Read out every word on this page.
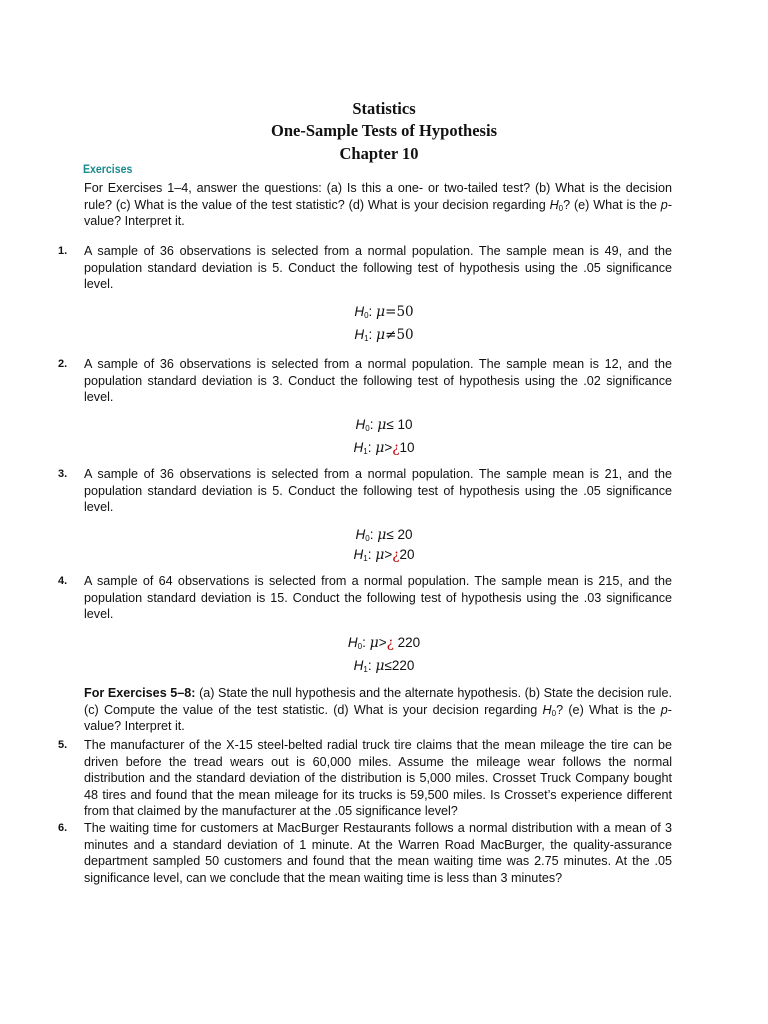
Statistics
One-Sample Tests of Hypothesis
Chapter 10
Exercises
For Exercises 1–4, answer the questions: (a) Is this a one- or two-tailed test? (b) What is the decision rule? (c) What is the value of the test statistic? (d) What is your decision regarding $H_0$? (e) What is the p-value? Interpret it.
1. A sample of 36 observations is selected from a normal population. The sample mean is 49, and the population standard deviation is 5. Conduct the following test of hypothesis using the .05 significance level.
$H_0$: μ=50
$H_1$: μ≠50
2. A sample of 36 observations is selected from a normal population. The sample mean is 12, and the population standard deviation is 3. Conduct the following test of hypothesis using the .02 significance level.
$H_0$: μ≤ 10
$H_1$: μ>¿10
3. A sample of 36 observations is selected from a normal population. The sample mean is 21, and the population standard deviation is 5. Conduct the following test of hypothesis using the .05 significance level.
$H_0$: μ≤ 20
$H_1$: μ>¿20
4. A sample of 64 observations is selected from a normal population. The sample mean is 215, and the population standard deviation is 15. Conduct the following test of hypothesis using the .03 significance level.
$H_0$: μ>¿ 220
$H_1$: μ≤220
For Exercises 5–8: (a) State the null hypothesis and the alternate hypothesis. (b) State the decision rule. (c) Compute the value of the test statistic. (d) What is your decision regarding $H_0$? (e) What is the p-value? Interpret it.
5. The manufacturer of the X-15 steel-belted radial truck tire claims that the mean mileage the tire can be driven before the tread wears out is 60,000 miles. Assume the mileage wear follows the normal distribution and the standard deviation of the distribution is 5,000 miles. Crosset Truck Company bought 48 tires and found that the mean mileage for its trucks is 59,500 miles. Is Crosset’s experience different from that claimed by the manufacturer at the .05 significance level?
6. The waiting time for customers at MacBurger Restaurants follows a normal distribution with a mean of 3 minutes and a standard deviation of 1 minute. At the Warren Road MacBurger, the quality-assurance department sampled 50 customers and found that the mean waiting time was 2.75 minutes. At the .05 significance level, can we conclude that the mean waiting time is less than 3 minutes?
